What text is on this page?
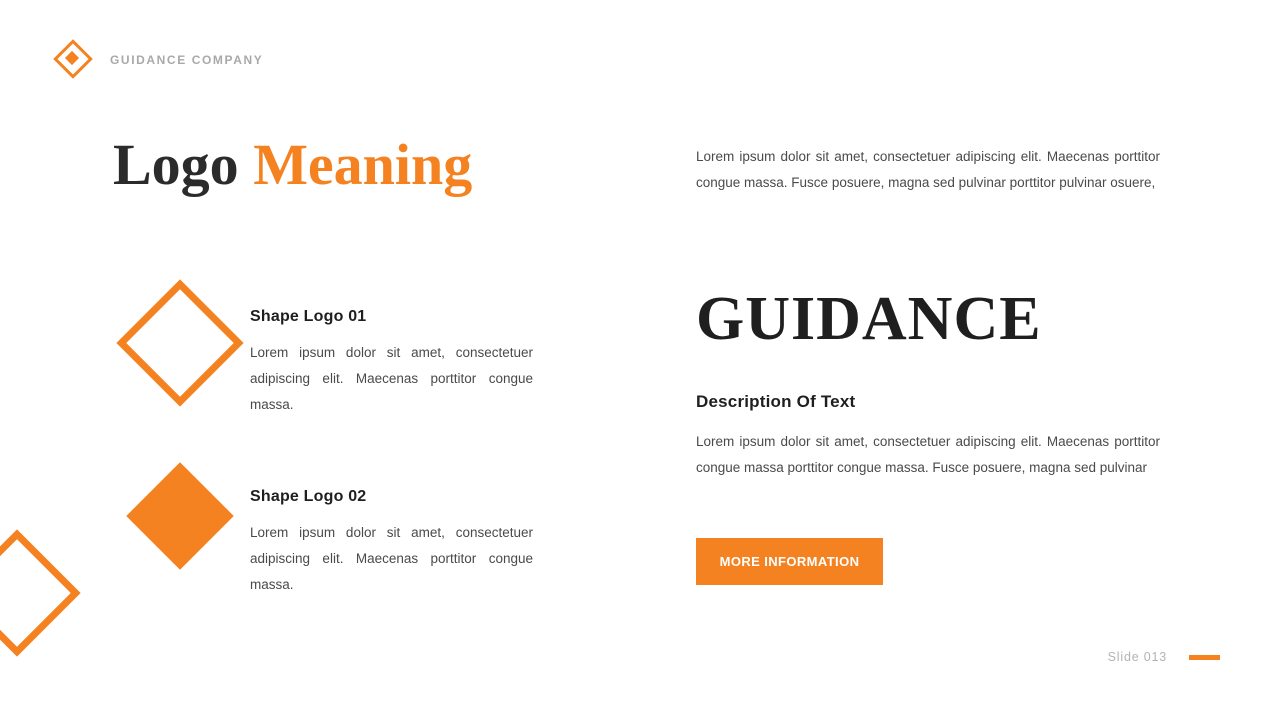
GUIDANCE COMPANY
Logo Meaning
Shape Logo 01

Lorem ipsum dolor sit amet, consectetuer adipiscing elit. Maecenas porttitor congue massa.

Shape Logo 02

Lorem ipsum dolor sit amet, consectetuer adipiscing elit. Maecenas porttitor congue massa.

Lorem ipsum dolor sit amet, consectetuer adipiscing elit. Maecenas porttitor congue massa. Fusce posuere, magna sed pulvinar porttitor pulvinar osuere,

GUIDANCE
Description Of Text

Lorem ipsum dolor sit amet, consectetuer adipiscing elit. Maecenas porttitor congue massa porttitor congue massa. Fusce posuere, magna sed pulvinar

MORE INFORMATION
Slide 013
